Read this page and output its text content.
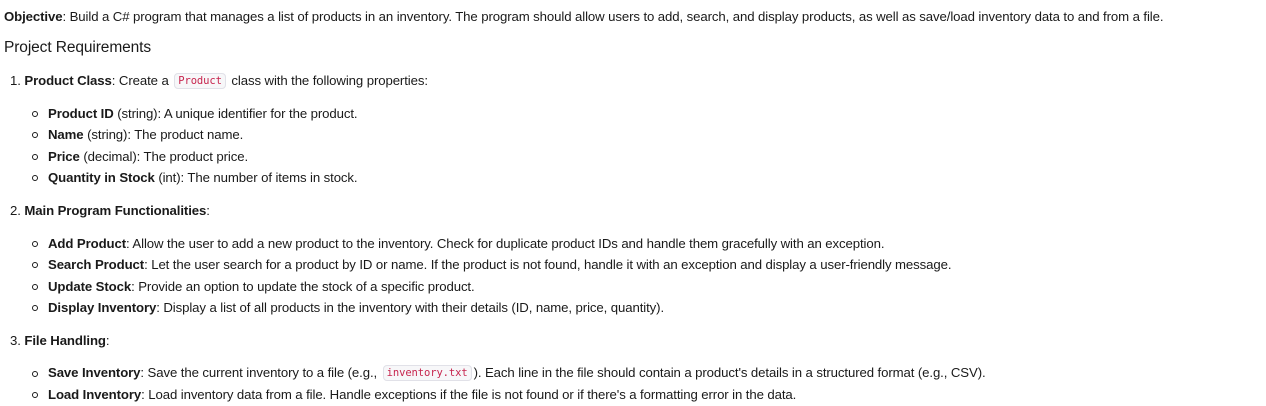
Objective: Build a C# program that manages a list of products in an inventory. The program should allow users to add, search, and display products, as well as save/load inventory data to and from a file.
Project Requirements
1. Product Class: Create a Product class with the following properties:
Product ID (string): A unique identifier for the product.
Name (string): The product name.
Price (decimal): The product price.
Quantity in Stock (int): The number of items in stock.
2. Main Program Functionalities:
Add Product: Allow the user to add a new product to the inventory. Check for duplicate product IDs and handle them gracefully with an exception.
Search Product: Let the user search for a product by ID or name. If the product is not found, handle it with an exception and display a user-friendly message.
Update Stock: Provide an option to update the stock of a specific product.
Display Inventory: Display a list of all products in the inventory with their details (ID, name, price, quantity).
3. File Handling:
Save Inventory: Save the current inventory to a file (e.g., inventory.txt ). Each line in the file should contain a product's details in a structured format (e.g., CSV).
Load Inventory: Load inventory data from a file. Handle exceptions if the file is not found or if there's a formatting error in the data.
